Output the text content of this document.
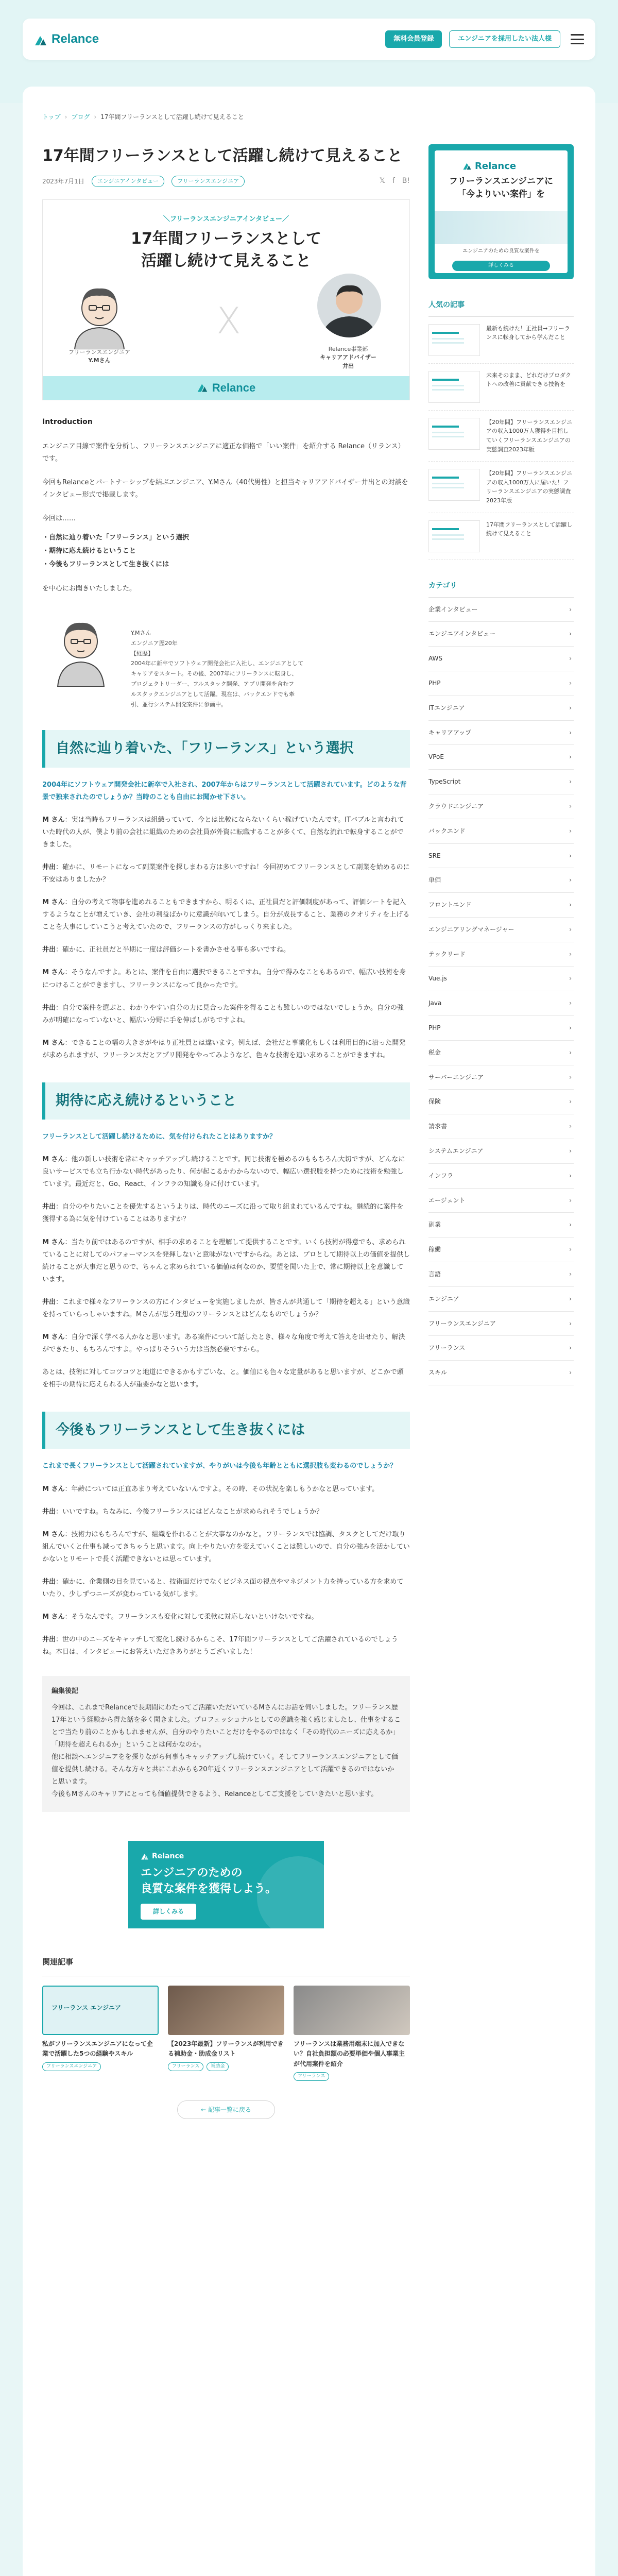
Relance	無料会員登録	エンジニアを採用したい法人様
トップ › ブログ › 17年間フリーランスとして活躍し続けて見えること
17年間フリーランスとして活躍し続けて見えること
2023年7月1日	エンジニアインタビュー	フリーランスエンジニア	𝕏 f B!
＼フリーランスエンジニアインタビュー／
17年間フリーランスとして
活躍し続けて見えること
フリーランスエンジニア
Y.Mさん
X
Relance事業部
キャリアアドバイザー　井出
Relance
Introduction

エンジニア目線で案件を分析し、フリーランスエンジニアに適正な価格で「いい案件」を紹介する Relance（リランス）です。

今回もRelanceとパートナーシップを結ぶエンジニア、Y.Mさん（40代男性）と担当キャリアアドバイザー井出との対談をインタビュー形式で掲載します。

今回は……

・自然に辿り着いた「フリーランス」という選択
・期待に応え続けるということ
・今後もフリーランスとして生き抜くには

を中心にお聞きいたしました。

Y.Mさん
エンジニア歴20年
【経歴】
2004年に新卒でソフトウェア開発会社に入社し、エンジニアとして
キャリアをスタート。その後、2007年にフリーランスに転身し、
プロジェクトリーダー、フルスタック開発、アプリ開発を含むフ
ルスタックエンジニアとして活躍。現在は、バックエンドでも牽
引、並行システム開発案件に参画中。
自然に辿り着いた、「フリーランス」という選択

2004年にソフトウェア開発会社に新卒で入社され、2007年からはフリーランスとして活躍されています。どのような背景で独来されたのでしょうか？当時のことも自由にお聞かせ下さい。

M さん：実は当時もフリーランスは組織っていて、今とは比較にならないくらい稼げていたんです。ITバブルと言われていた時代の人が、僕より前の会社に組織のための会社員が外資に転職することが多くて、自然な流れで転身することができました。

井出：確かに、リモートになって副業案件を探しまわる方は多いですね！今回初めてフリーランスとして副業を始めるのに不安はありましたか？

M さん：自分の考えて物事を進めれることもできますから、明るくは、正社員だと評価制度があって、評価シートを記入するようなことが増えていき、会社の利益ばかりに意識が向いてしまう。自分が成長すること、業務のクオリティを上げることを大事にしていこうと考えていたので、フリーランスの方がしっくり来ました。

井出：確かに、正社員だと半期に一度は評価シートを書かさせる事も多いですね。

M さん：そうなんですよ。あとは、案件を自由に選択できることですね。自分で得みなこともあるので、幅広い技術を身につけることができますし、フリーランスになって良かったです。

井出：自分で案件を選ぶと、わかりやすい自分の力に見合った案件を得ることも難しいのではないでしょうか。自分の強みが明確になっていないと、幅広い分野に手を伸ばしがちですよね。

M さん：できることの幅の大きさがやはり正社員とは違います。例えば、会社だと事業化もしくは利用目的に沿った開発が求められますが、フリーランスだとアプリ開発をやってみようなど、色々な技術を追い求めることができますね。

期待に応え続けるということ

フリーランスとして活躍し続けるために、気を付けられたことはありますか？

M さん：他の新しい技術を常にキャッチアップし続けることです。同じ技術を極めるのももちろん大切ですが、どんなに良いサービスでも立ち行かない時代があったり、何が起こるかわからないので、幅広い選択肢を持つために技術を勉強しています。最近だと、Go、React、インフラの知識も身に付けています。

井出：自分のやりたいことを優先するというよりは、時代のニーズに沿って取り組まれているんですね。継続的に案件を獲得する為に気を付けていることはありますか？

M さん：当たり前ではあるのですが、相手の求めることを理解して提供することです。いくら技術が得意でも、求められていることに対してのパフォーマンスを発揮しないと意味がないですからね。あとは、プロとして期待以上の価値を提供し続けることが大事だと思うので、ちゃんと求められている価値は何なのか、要望を聞いた上で、常に期待以上を意識しています。

井出：これまで様々なフリーランスの方にインタビューを実施しましたが、皆さんが共通して「期待を超える」という意識を持っていらっしゃいますね。Mさんが思う理想のフリーランスとはどんなものでしょうか？

M さん：自分で深く学べる人かなと思います。ある案件について話したとき、様々な角度で考えて答えを出せたり、解決ができたり、もちろんですよ。やっぱりそういう力は当然必要ですから。

あとは、技術に対してコツコツと地道にできるかもすごいな、と。価値にも色々な定量があると思いますが、どこかで頭を相手の期待に応えられる人が重要かなと思います。

今後もフリーランスとして生き抜くには

これまで長くフリーランスとして活躍されていますが、やりがいは今後も年齢とともに選択肢も変わるのでしょうか？

M さん：年齢については正直あまり考えていないんですよ。その時、その状況を楽しもうかなと思っています。

井出：いいですね。ちなみに、今後フリーランスにはどんなことが求められそうでしょうか？

M さん：技術力はもちろんですが、組織を作れることが大事なのかなと。フリーランスでは協調、タスクとしてだけ取り組んでいくと仕事も減ってきちゃうと思います。向上やりたい方を変えていくことは難しいので、自分の強みを活かしていかないとリモートで長く活躍できないとは思っています。

井出：確かに、企業側の目を見ていると、技術面だけでなくビジネス面の視点やマネジメント力を持っている方を求めていたり、少しずつニーズが変わっている気がします。

M さん：そうなんです。フリーランスも変化に対して柔軟に対応しないといけないですね。

井出：世の中のニーズをキャッチして変化し続けるからこそ、17年間フリーランスとしてご活躍されているのでしょうね。本日は、インタビューにお答えいただきありがとうございました！

編集後記

今回は、これまでRelanceで長期間にわたってご活躍いただいているMさんにお話を伺いしました。フリーランス歴17年という経験から得た話を多く聞きました。プロフェッショナルとしての意識を強く感じましたし、仕事をすることで当たり前のことかもしれませんが、自分のやりたいことだけをやるのではなく「その時代のニーズに応えるか」「期待を超えられるか」ということは何かなのか。

他に相談へエンジニアをを探りながら何事もキャッチアップし続けていく。そしてフリーランスエンジニアとして価値を提供し続ける。そんな方々と共にこれからも20年近くフリーランスエンジニアとして活躍できるのではないかと思います。

今後もMさんのキャリアにとっても価値提供できるよう、Relanceとしてご支援をしていきたいと思います。

Relance
エンジニアのための
良質な案件を獲得しよう。
詳しくみる
関連記事
フリーランス エンジニア
私がフリーランスエンジニアになって企業で活躍した5つの経験やスキル
フリーランスエンジニア
【2023年最新】フリーランスが利用できる補助金・助成金リスト
フリーランス	補助金
フリーランスは業務用端末に加入できない？自社負担額の必要単価や個人事業主が代用案件を紹介
フリーランス
← 記事一覧に戻る
Relance
フリーランスエンジニアに
「今よりいい案件」を
エンジニアのための良質な案件を
詳しくみる
人気の記事
最新も続けた！正社員→フリーランスに転身してから学んだこと
未来そのまま、どれだけプロダクトへの改善に貢献できる技術を
【20年間】フリーランスエンジニアの収入1000万人獲得を目指していくフリーランスエンジニアの実態調査2023年版
【20年間】フリーランスエンジニアの収入1000万人に届いた！フリーランスエンジニアの実態調査2023年版
17年間フリーランスとして活躍し続けて見えること
カテゴリ
企業インタビュー	›
エンジニアインタビュー	›
AWS	›
PHP	›
ITエンジニア	›
キャリアアップ	›
VPoE	›
TypeScript	›
クラウドエンジニア	›
バックエンド	›
SRE	›
単価	›
フロントエンド	›
エンジニアリングマネージャー	›
テックリード	›
Vue.js	›
Java	›
PHP	›
税金	›
サーバーエンジニア	›
保険	›
請求書	›
システムエンジニア	›
インフラ	›
エージェント	›
副業	›
稼働	›
言語	›
エンジニア	›
フリーランスエンジニア	›
フリーランス	›
スキル	›
